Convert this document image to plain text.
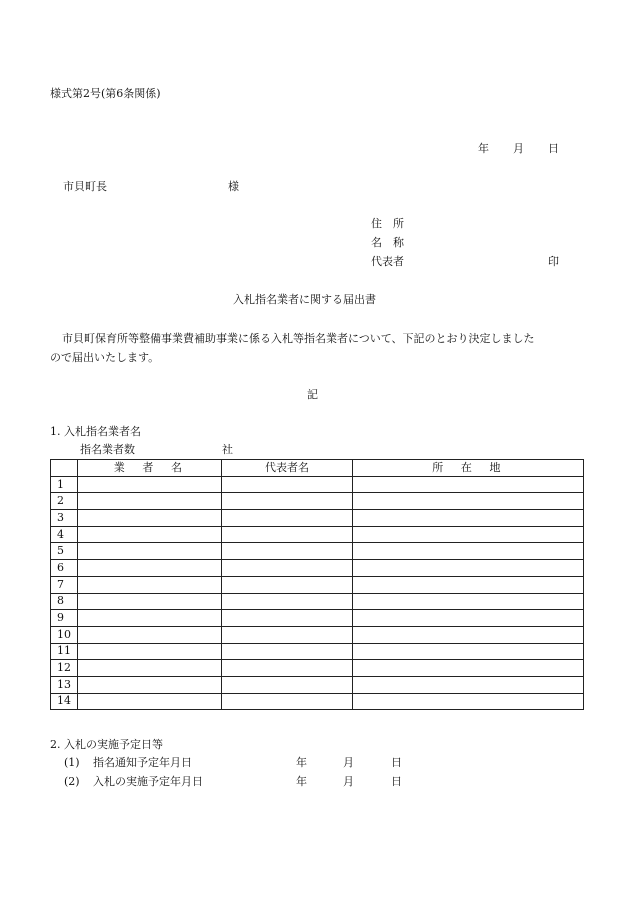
様式第2号(第6条関係)
年 月 日
市貝町長	様
住　所
名　称
代表者	印
入札指名業者に関する届出書
市貝町保育所等整備事業費補助事業に係る入札等指名業者について、下記のとおり決定しました
ので届出いたします。
記
1. 入札指名業者名
指名業者数	社
	業　者　名	代表者名	所　在　地
1			
2			
3			
4			
5			
6			
7			
8			
9			
10			
11			
12			
13			
14			
2. 入札の実施予定日等
(1) 指名通知予定年月日	年	月	日
(2) 入札の実施予定年月日	年	月	日
